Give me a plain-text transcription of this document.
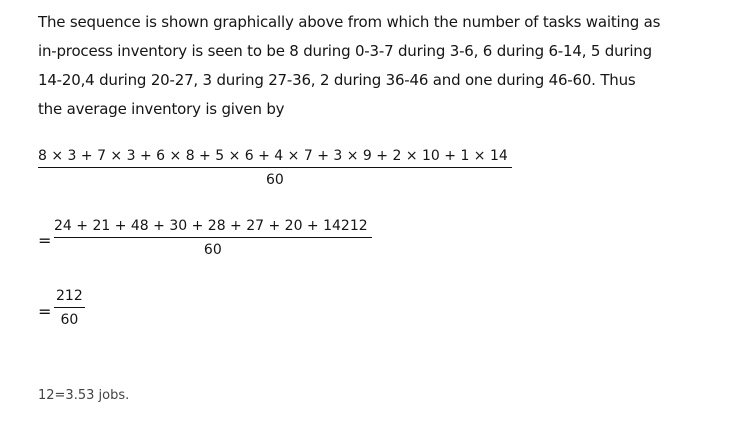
The sequence is shown graphically above from which the number of tasks waiting as
in-process inventory is seen to be 8 during 0-3-7 during 3-6, 6 during 6-14, 5 during
14-20,4 during 20-27, 3 during 27-36, 2 during 36-46 and one during 46-60. Thus
the average inventory is given by
8 × 3 + 7 × 3 + 6 × 8 + 5 × 6 + 4 × 7 + 3 × 9 + 2 × 10 + 1 × 14
60
= $\frac{24 + 21 + 48 + 30 + 28 + 27 + 20 + 14212}{60}$
= $\frac{212}{60}$
12=3.53 jobs.
